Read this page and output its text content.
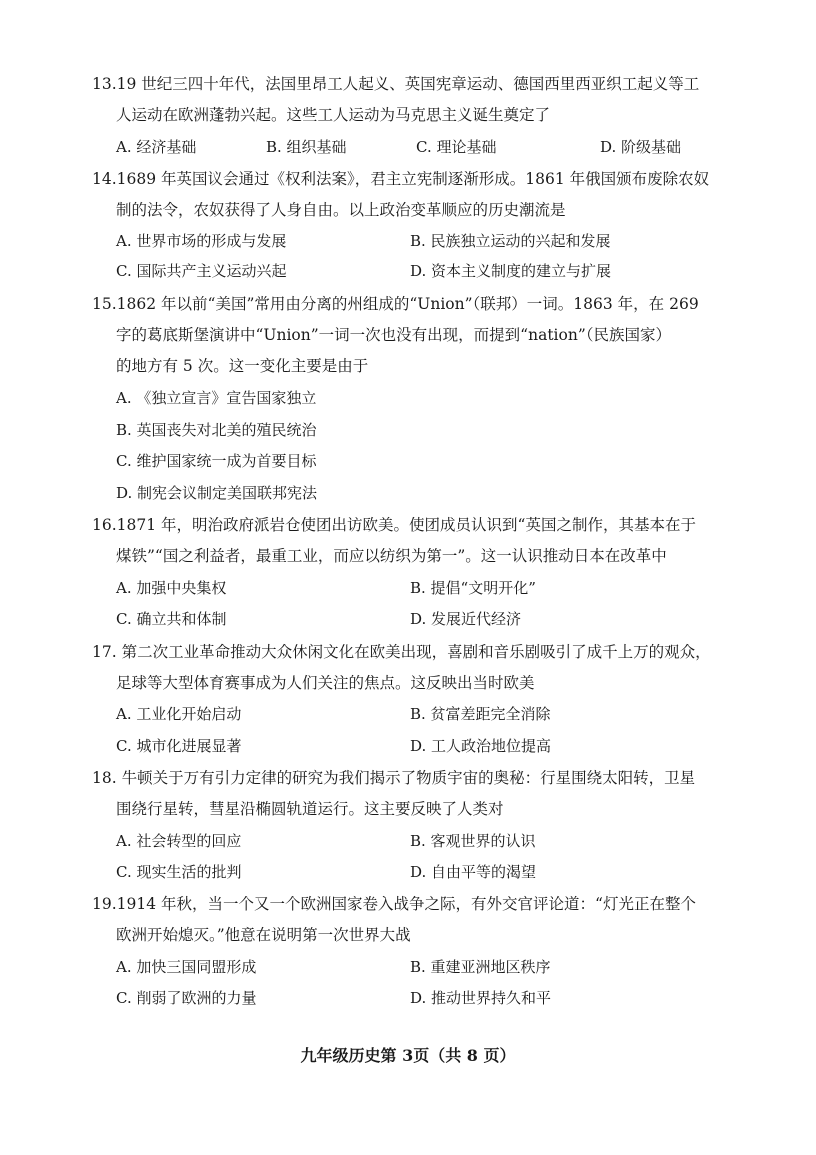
13.19 世纪三四十年代，法国里昂工人起义、英国宪章运动、德国西里西亚织工起义等工
人运动在欧洲蓬勃兴起。这些工人运动为马克思主义诞生奠定了
A. 经济基础	B. 组织基础	C. 理论基础	D. 阶级基础
14.1689 年英国议会通过《权利法案》，君主立宪制逐渐形成。1861 年俄国颁布废除农奴
制的法令，农奴获得了人身自由。以上政治变革顺应的历史潮流是
A. 世界市场的形成与发展	B. 民族独立运动的兴起和发展
C. 国际共产主义运动兴起	D. 资本主义制度的建立与扩展
15.1862 年以前“美国”常用由分离的州组成的“Union”（联邦）一词。1863 年，在 269
字的葛底斯堡演讲中“Union”一词一次也没有出现，而提到“nation”（民族国家）
的地方有 5 次。这一变化主要是由于
A. 《独立宣言》宣告国家独立
B. 英国丧失对北美的殖民统治
C. 维护国家统一成为首要目标
D. 制宪会议制定美国联邦宪法
16.1871 年，明治政府派岩仓使团出访欧美。使团成员认识到“英国之制作，其基本在于
煤铁”“国之利益者，最重工业，而应以纺织为第一”。这一认识推动日本在改革中
A. 加强中央集权	B. 提倡“文明开化”
C. 确立共和体制	D. 发展近代经济
17. 第二次工业革命推动大众休闲文化在欧美出现，喜剧和音乐剧吸引了成千上万的观众，
足球等大型体育赛事成为人们关注的焦点。这反映出当时欧美
A. 工业化开始启动	B. 贫富差距完全消除
C. 城市化进展显著	D. 工人政治地位提高
18. 牛顿关于万有引力定律的研究为我们揭示了物质宇宙的奥秘：行星围绕太阳转，卫星
围绕行星转，彗星沿椭圆轨道运行。这主要反映了人类对
A. 社会转型的回应	B. 客观世界的认识
C. 现实生活的批判	D. 自由平等的渴望
19.1914 年秋，当一个又一个欧洲国家卷入战争之际，有外交官评论道：“灯光正在整个
欧洲开始熄灭。”他意在说明第一次世界大战
A. 加快三国同盟形成	B. 重建亚洲地区秩序
C. 削弱了欧洲的力量	D. 推动世界持久和平
九年级历史第 3页（共 8 页）
